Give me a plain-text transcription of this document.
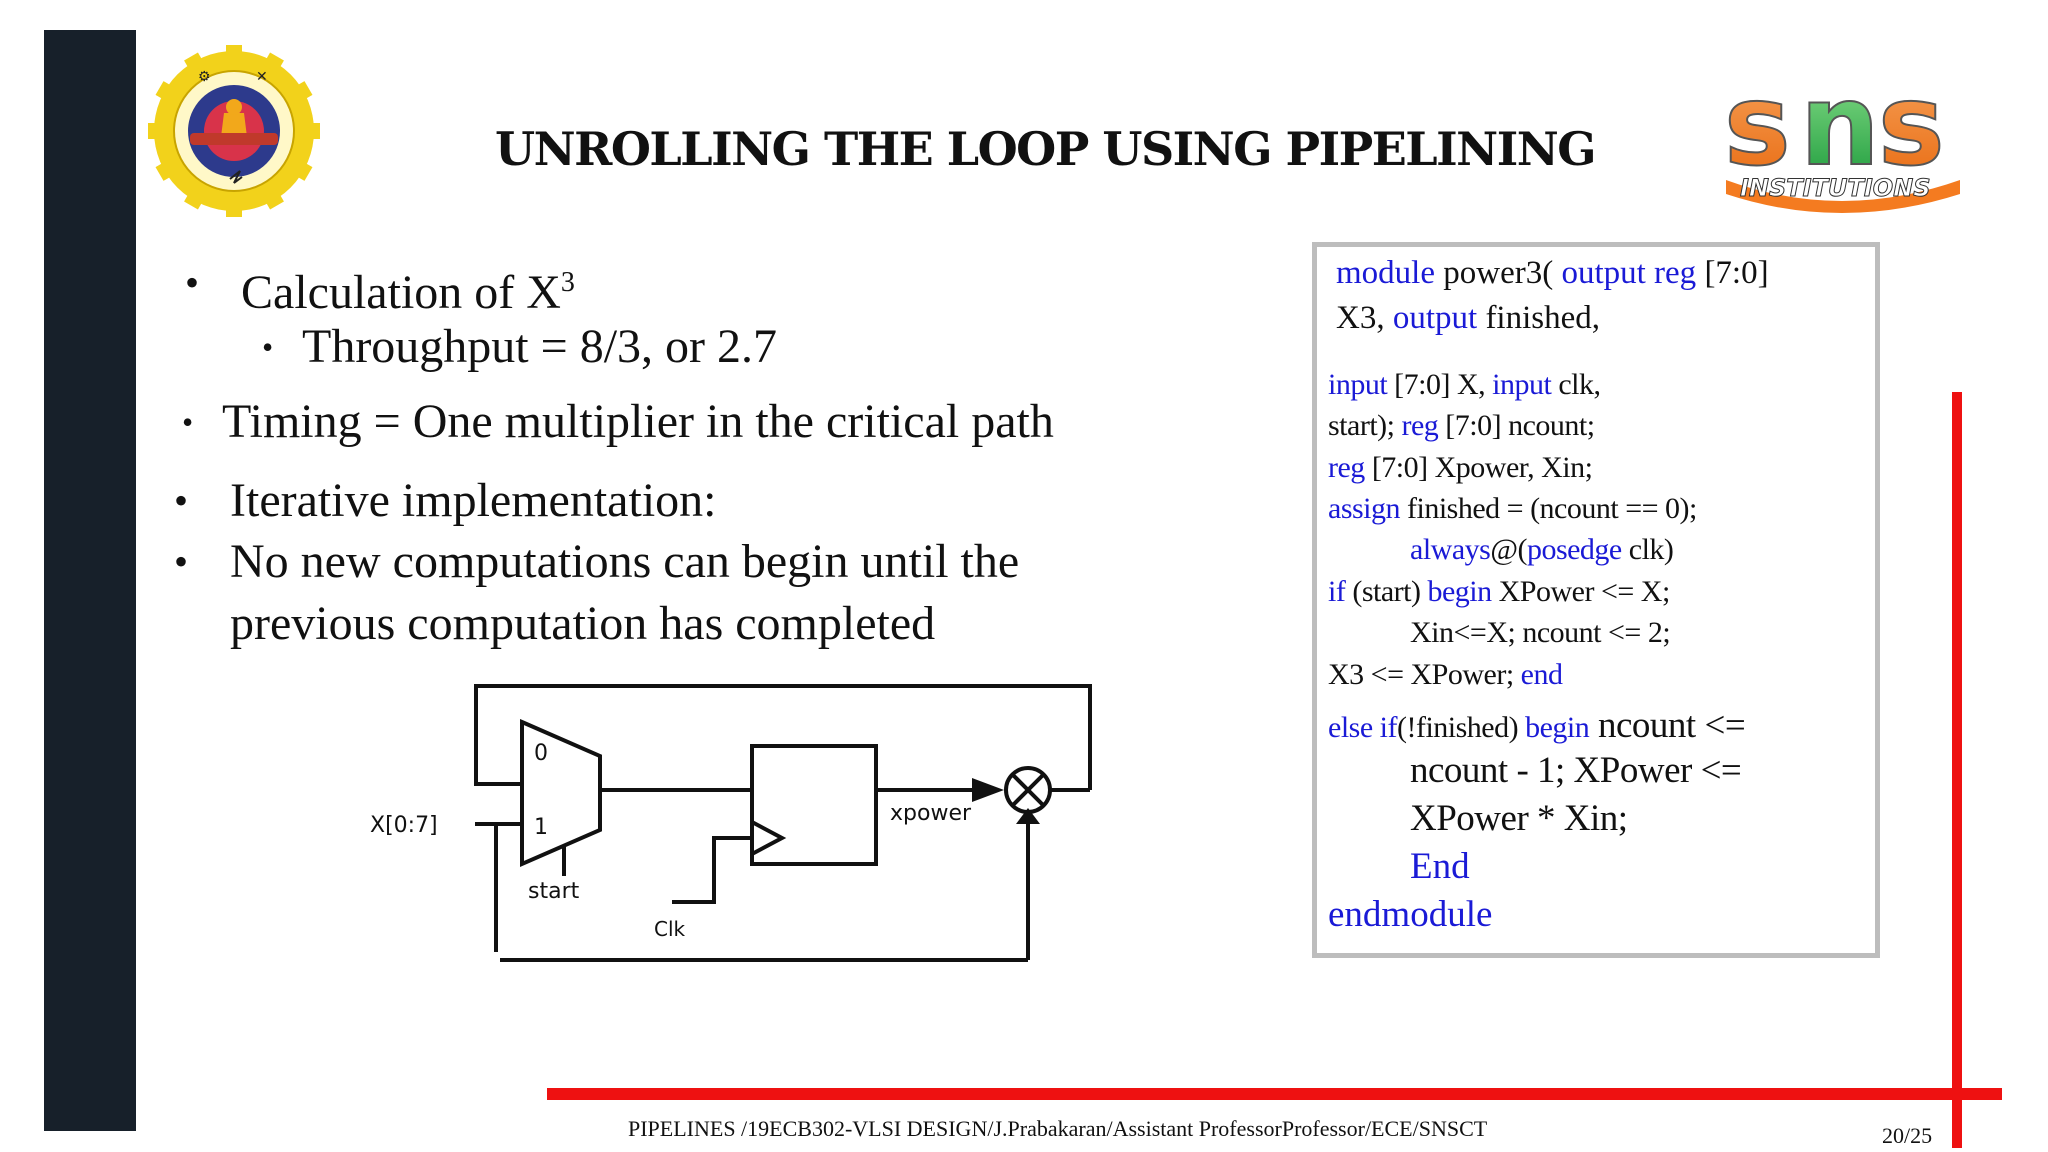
⚙	✕
UNROLLING THE LOOP USING PIPELINING	s n s
INSTITUTIONS
• Calculation of $X^3$
• Throughput = 8/3, or 2.7
• Timing = One multiplier in the critical path
• Iterative implementation:
• No new computations can begin until the
previous computation has completed
0
1
X[0:7]
start
Clk
xpower
module power3( output reg [7:0]
X3, output finished,
input [7:0] X, input clk,
start); reg [7:0] ncount;
reg [7:0] Xpower, Xin;
assign finished = (ncount == 0);
always@(posedge clk)
if (start) begin XPower <= X;
Xin<=X; ncount <= 2;
X3 <= XPower; end
else if(!finished) begin ncount <=
ncount - 1; XPower <=
XPower * Xin;
End
endmodule
PIPELINES /19ECB302-VLSI DESIGN/J.Prabakaran/Assistant ProfessorProfessor/ECE/SNSCT	20/25
